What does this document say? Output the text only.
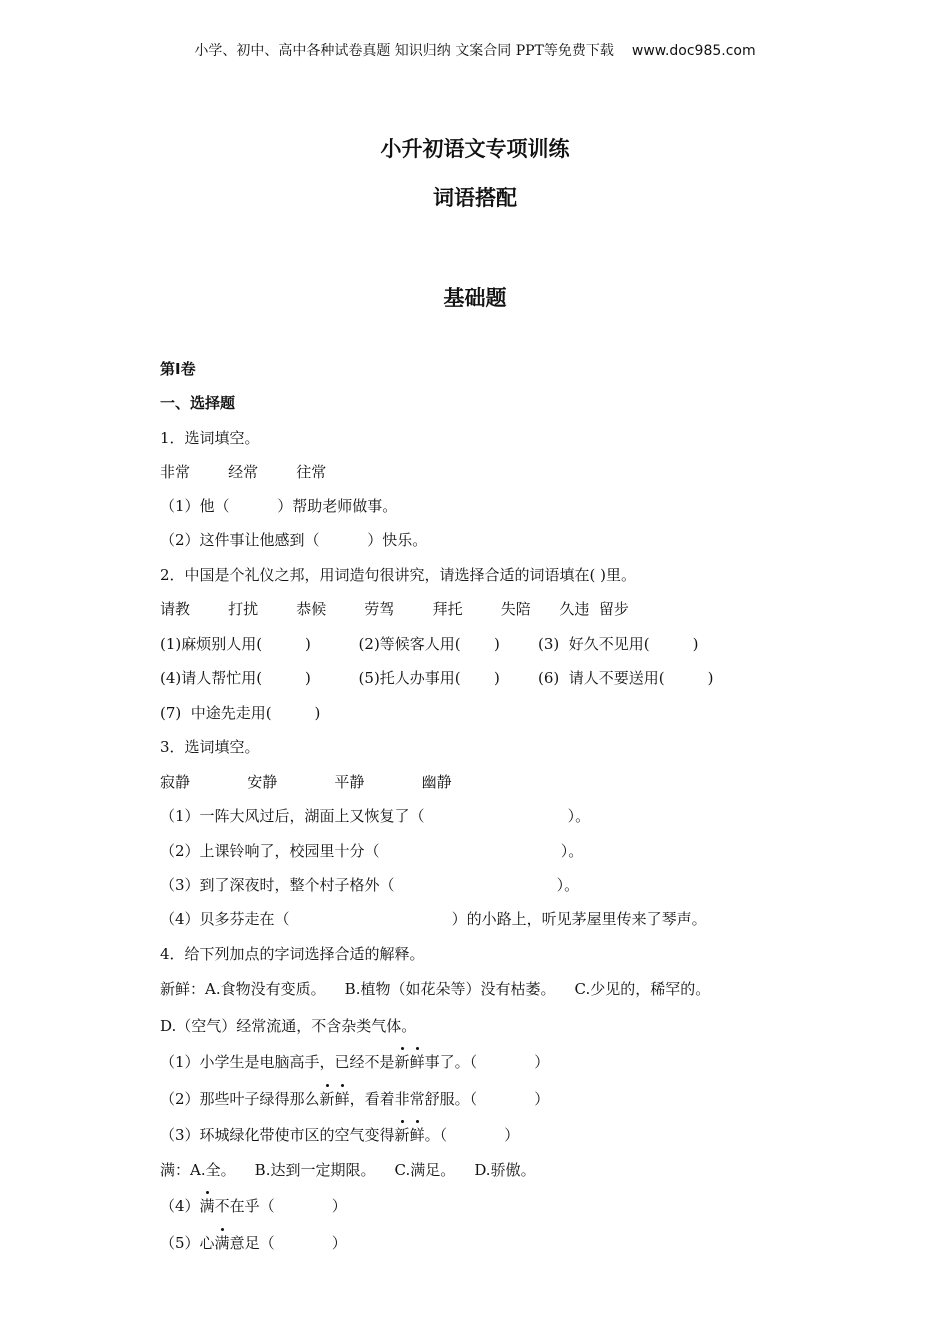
小学、初中、高中各种试卷真题 知识归纳 文案合同 PPT等免费下载 www.doc985.com
小升初语文专项训练
词语搭配
基础题
第Ⅰ卷
一、选择题
1．选词填空。
非常        经常        往常
（1）他（          ）帮助老师做事。
（2）这件事让他感到（          ）快乐。
2．中国是个礼仪之邦，用词造句很讲究，请选择合适的词语填在( )里。
请教        打扰        恭候        劳驾        拜托        失陪      久违  留步
(1)麻烦别人用(         )          (2)等候客人用(       )        (3)  好久不见用(         )
(4)请人帮忙用(         )          (5)托人办事用(       )        (6)  请人不要送用(         )
(7)  中途先走用(         )
3．选词填空。
寂静            安静            平静            幽静
（1）一阵大风过后，湖面上又恢复了（                              ）。
（2）上课铃响了，校园里十分（                                      ）。
（3）到了深夜时，整个村子格外（                                  ）。
（4）贝多芬走在（                                  ）的小路上，听见茅屋里传来了琴声。
4．给下列加点的字词选择合适的解释。
新鲜：A.食物没有变质。    B.植物（如花朵等）没有枯萎。    C.少见的，稀罕的。
D.（空气）经常流通，不含杂类气体。
（1）小学生是电脑高手，已经不是新鲜事了。（            ）
（2）那些叶子绿得那么新鲜，看着非常舒服。（            ）
（3）环城绿化带使市区的空气变得新鲜。（            ）
满：A.全。    B.达到一定期限。    C.满足。    D.骄傲。
（4）满不在乎（            ）
（5）心满意足（            ）
